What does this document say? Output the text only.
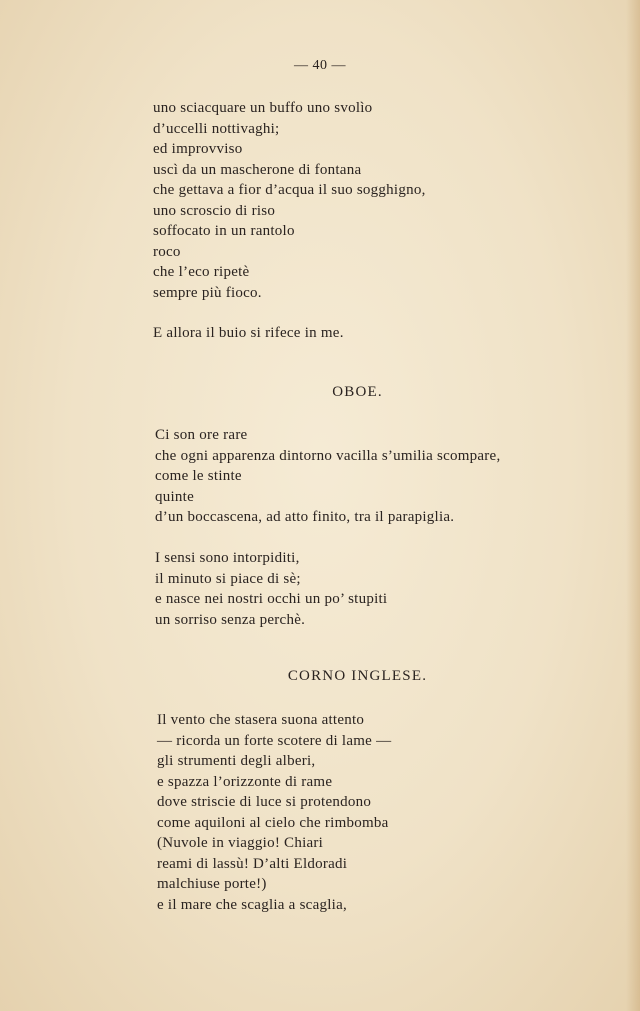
— 40 —
uno sciacquare un buffo uno svolìo
d’uccelli nottivaghi;
ed improvviso
uscì da un mascherone di fontana
che gettava a fior d’acqua il suo sogghigno,
uno scroscio di riso
soffocato in un rantolo
roco
che l’eco ripetè
sempre più fioco.
E allora il buio si rifece in me.
OBOE.
Ci son ore rare
che ogni apparenza dintorno vacilla s’umilia scompare,
come le stinte
quinte
d’un boccascena, ad atto finito, tra il parapiglia.
I sensi sono intorpiditi,
il minuto si piace di sè;
e nasce nei nostri occhi un po’ stupiti
un sorriso senza perchè.
CORNO INGLESE.
Il vento che stasera suona attento
— ricorda un forte scotere di lame —
gli strumenti degli alberi,
e spazza l’orizzonte di rame
dove striscie di luce si protendono
come aquiloni al cielo che rimbomba
(Nuvole in viaggio! Chiari
reami di lassù! D’alti Eldoradi
malchiuse porte!)
e il mare che scaglia a scaglia,
